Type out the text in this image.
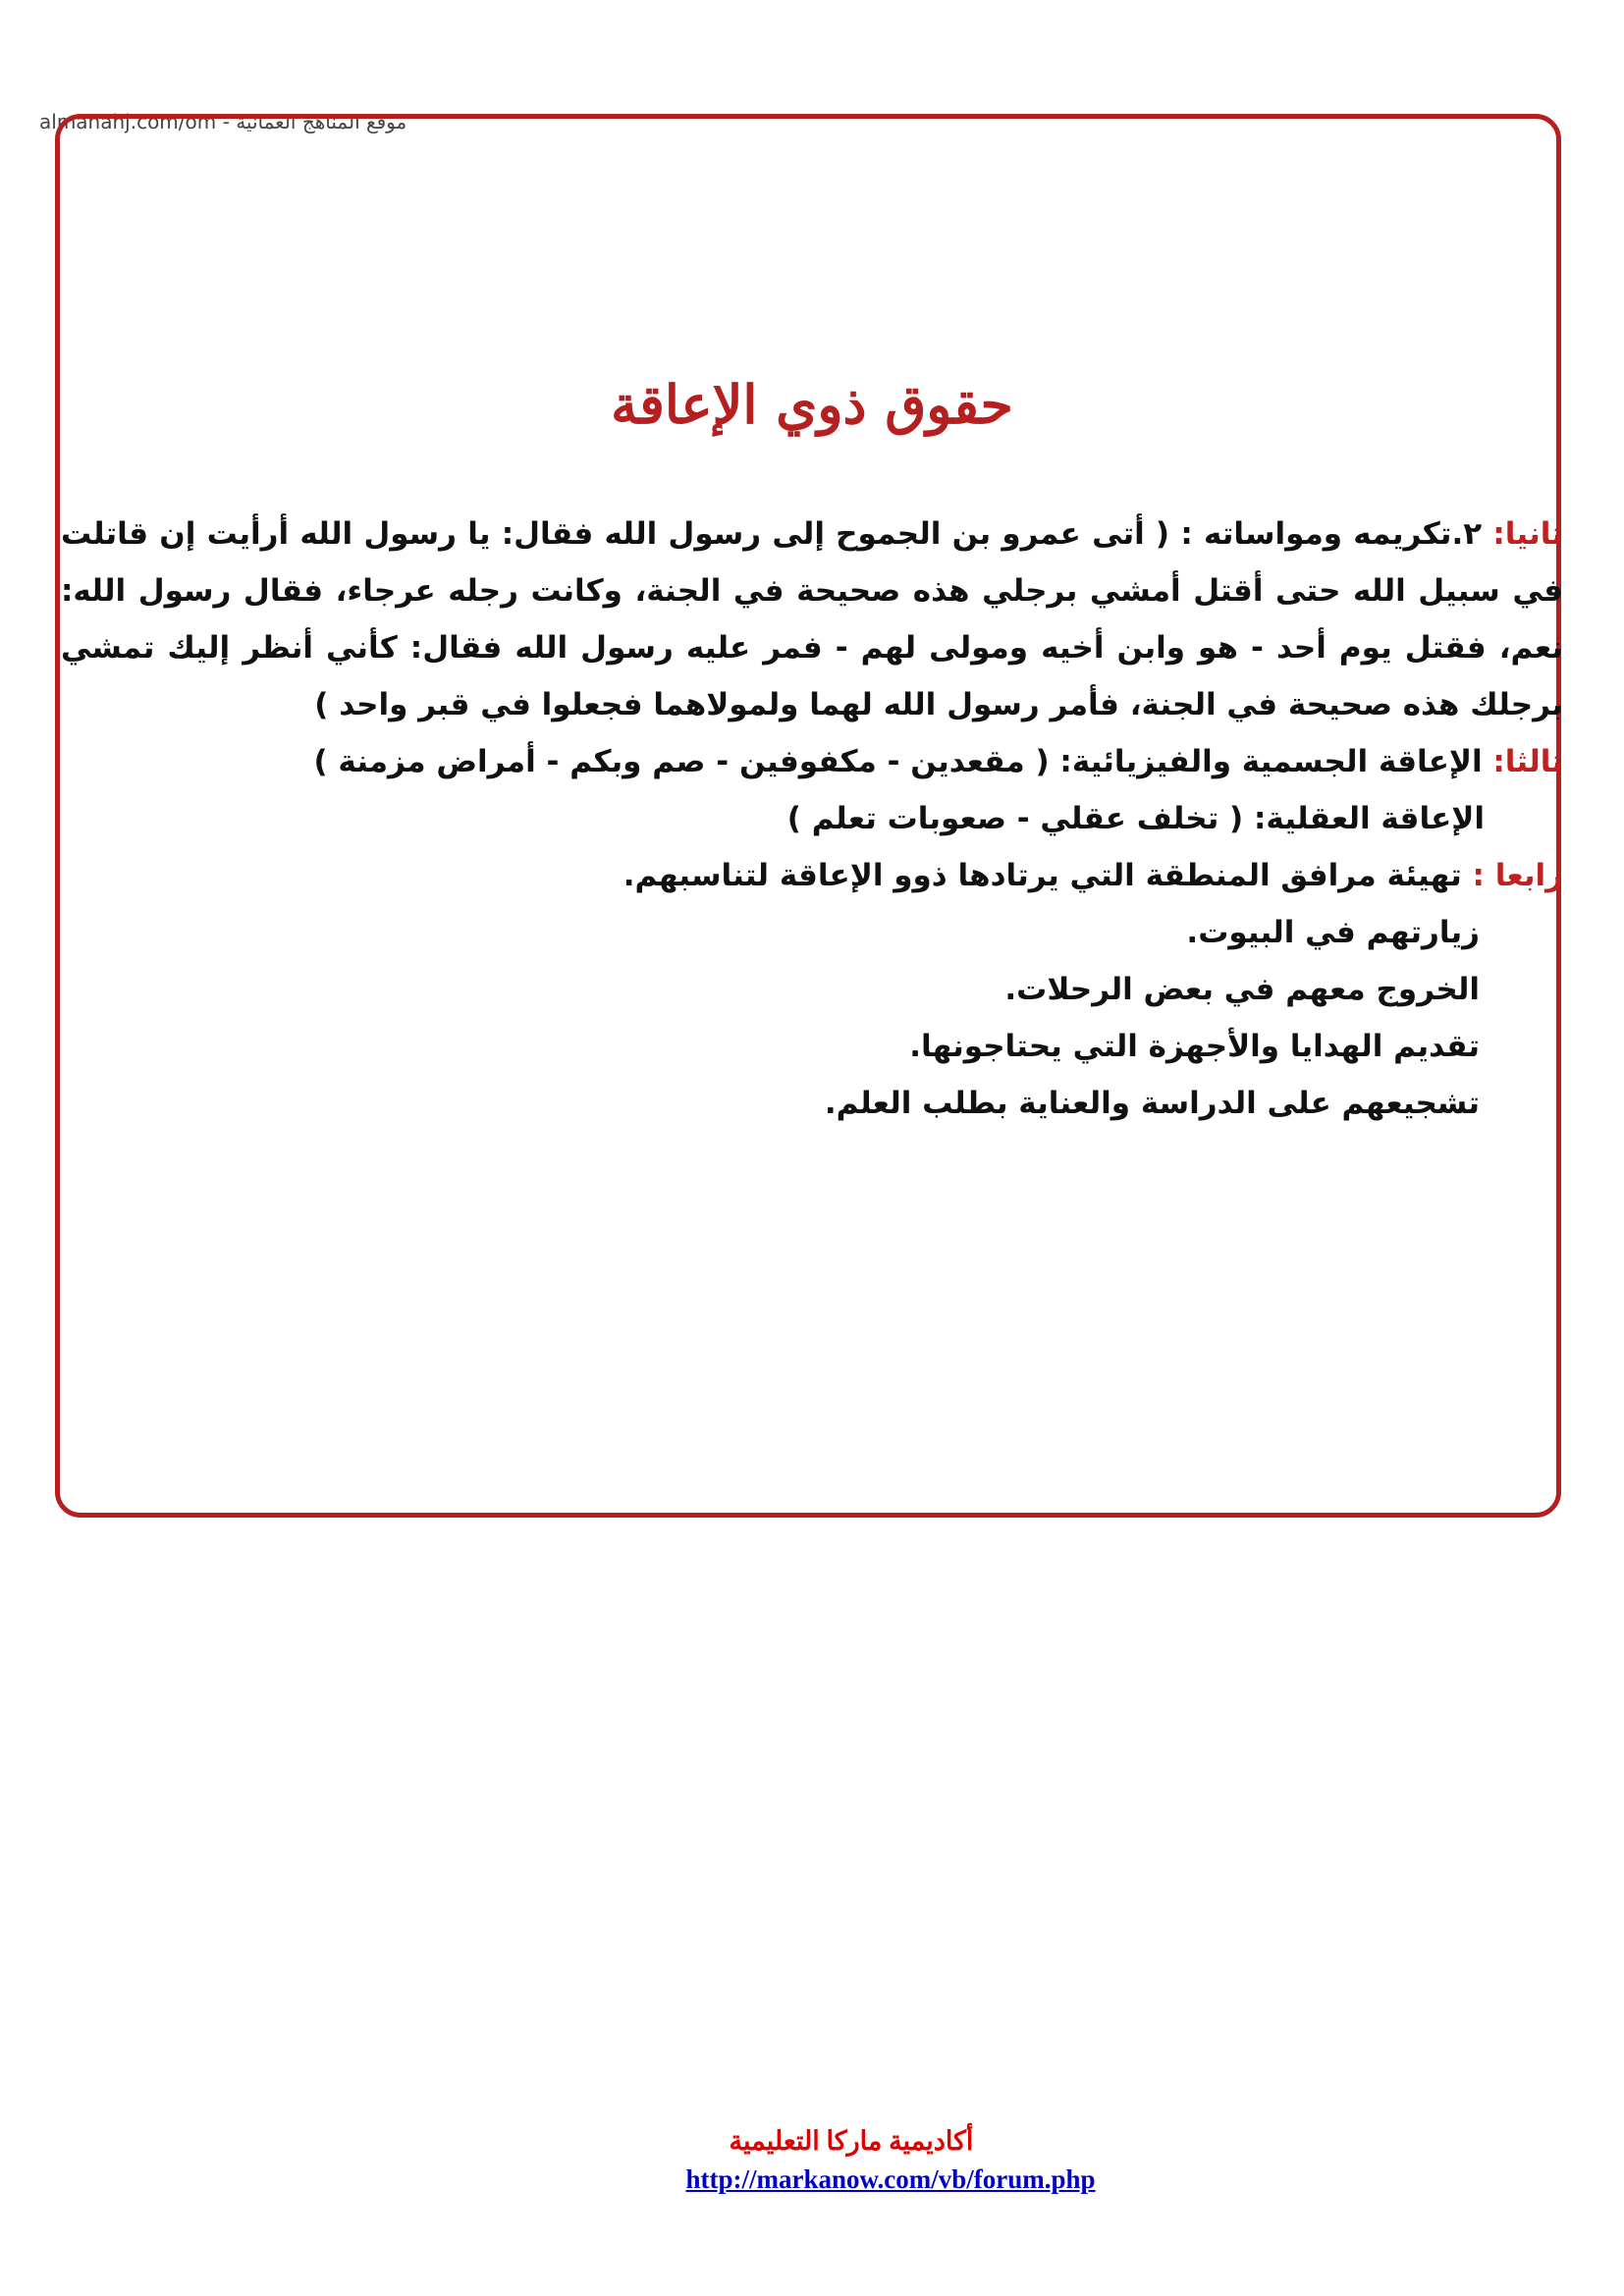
almanahj.com/om - موقع المناهج العمانية
حقوق ذوي الإعاقة

ثانيا: ٢.تكريمه ومواساته : ( أتى عمرو بن الجموح إلى رسول الله فقال: يا رسول الله أرأيت إن قاتلت في سبيل الله حتى أقتل أمشي برجلي هذه صحيحة في الجنة، وكانت رجله عرجاء، فقال رسول الله: نعم، فقتل يوم أحد - هو وابن أخيه ومولى لهم - فمر عليه رسول الله فقال: كأني أنظر إليك تمشي برجلك هذه صحيحة في الجنة، فأمر رسول الله لهما ولمولاهما فجعلوا في قبر واحد )

ثالثا: الإعاقة الجسمية والفيزيائية: ( مقعدين - مكفوفين - صم وبكم - أمراض مزمنة )

الإعاقة العقلية: ( تخلف عقلي - صعوبات تعلم )

رابعا : تهيئة مرافق المنطقة التي يرتادها ذوو الإعاقة لتناسبهم.

زيارتهم في البيوت.

الخروج معهم في بعض الرحلات.

تقديم الهدايا والأجهزة التي يحتاجونها.

تشجيعهم على الدراسة والعناية بطلب العلم.

أكاديمية ماركا التعليمية
http://markanow.com/vb/forum.php
